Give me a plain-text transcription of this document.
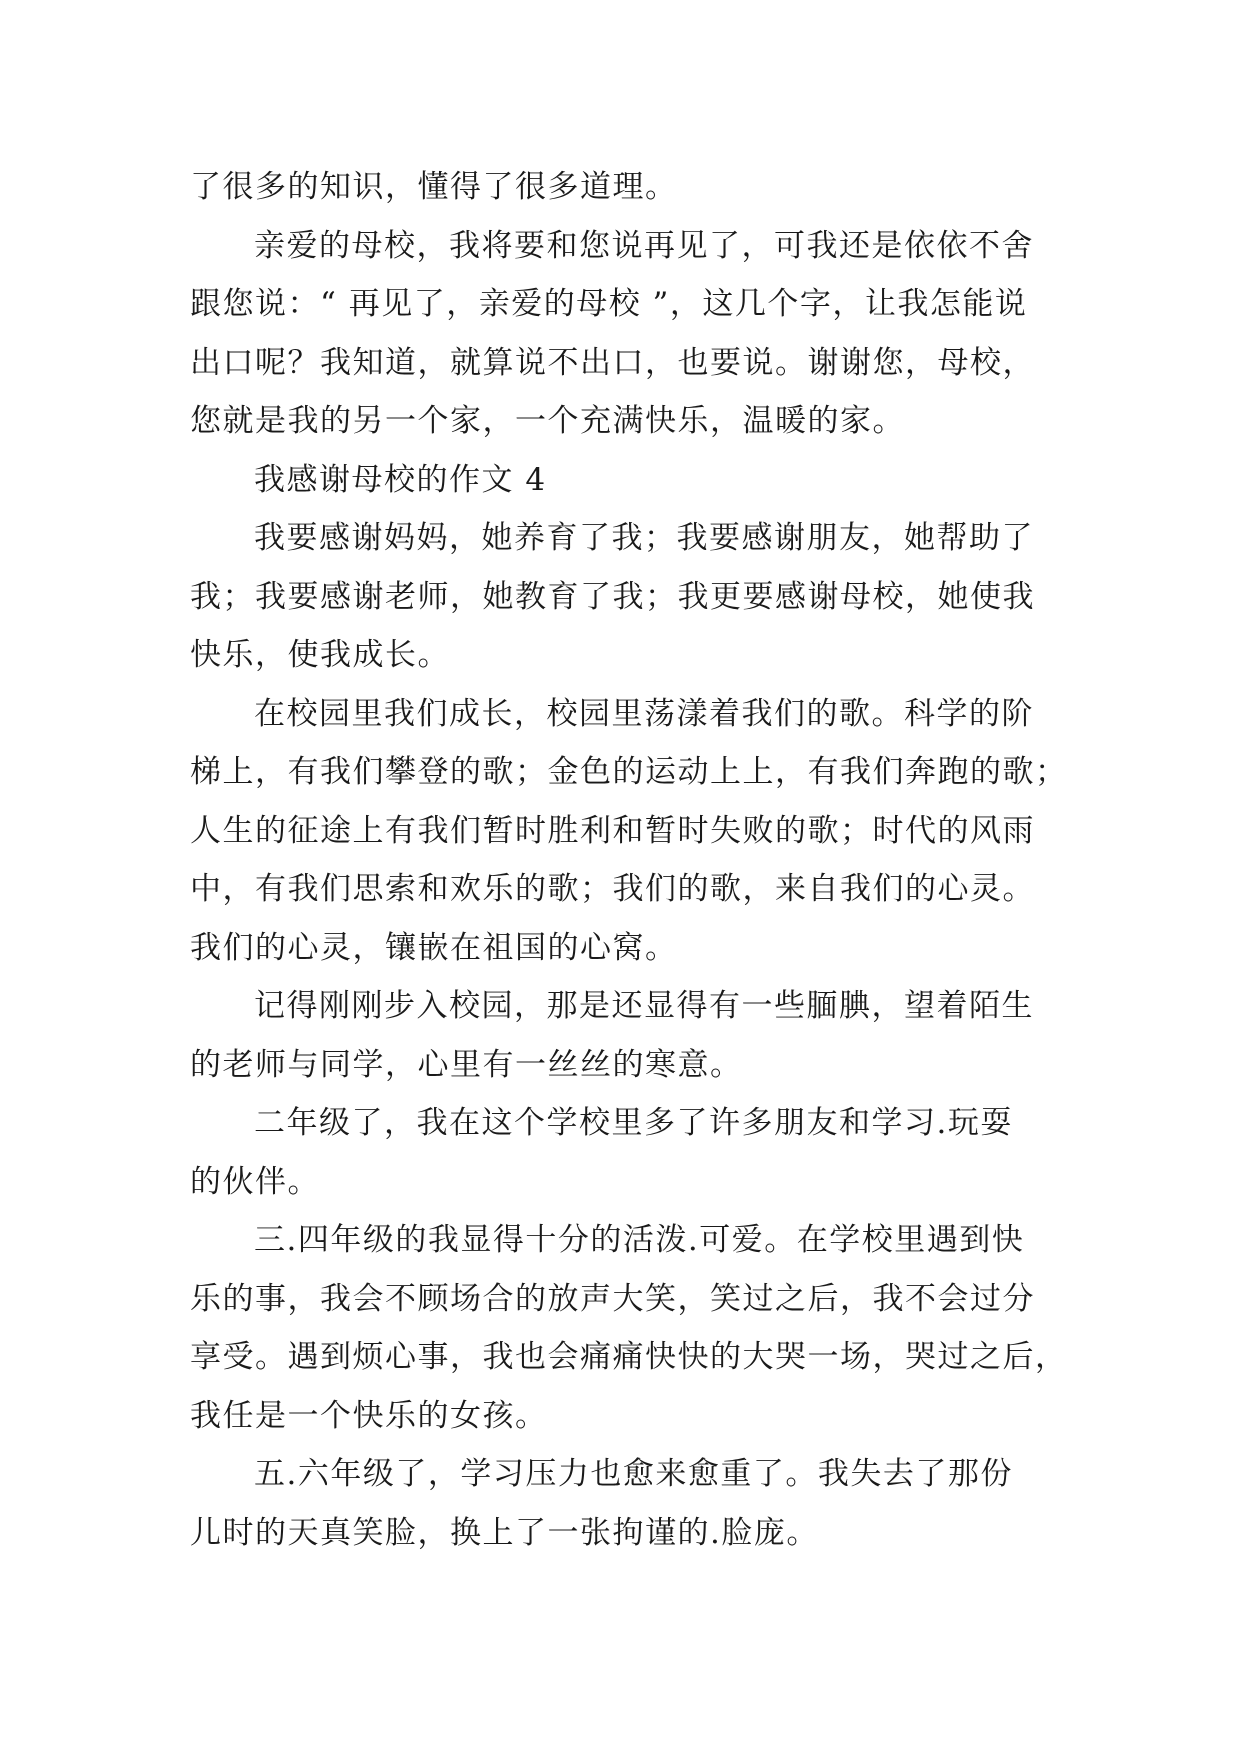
了很多的知识，懂得了很多道理。
亲爱的母校，我将要和您说再见了，可我还是依依不舍
跟您说：“ 再见了，亲爱的母校 ”，这几个字，让我怎能说
出口呢？我知道，就算说不出口，也要说。谢谢您，母校，
您就是我的另一个家，一个充满快乐，温暖的家。
我感谢母校的作文 4
我要感谢妈妈，她养育了我；我要感谢朋友，她帮助了
我；我要感谢老师，她教育了我；我更要感谢母校，她使我
快乐，使我成长。
在校园里我们成长，校园里荡漾着我们的歌。科学的阶
梯上，有我们攀登的歌；金色的运动上上，有我们奔跑的歌；
人生的征途上有我们暂时胜利和暂时失败的歌；时代的风雨
中，有我们思索和欢乐的歌；我们的歌，来自我们的心灵。
我们的心灵，镶嵌在祖国的心窝。
记得刚刚步入校园，那是还显得有一些腼腆，望着陌生
的老师与同学，心里有一丝丝的寒意。
二年级了，我在这个学校里多了许多朋友和学习.玩耍
的伙伴。
三.四年级的我显得十分的活泼.可爱。在学校里遇到快
乐的事，我会不顾场合的放声大笑，笑过之后，我不会过分
享受。遇到烦心事，我也会痛痛快快的大哭一场，哭过之后，
我任是一个快乐的女孩。
五.六年级了，学习压力也愈来愈重了。我失去了那份
儿时的天真笑脸，换上了一张拘谨的.脸庞。
